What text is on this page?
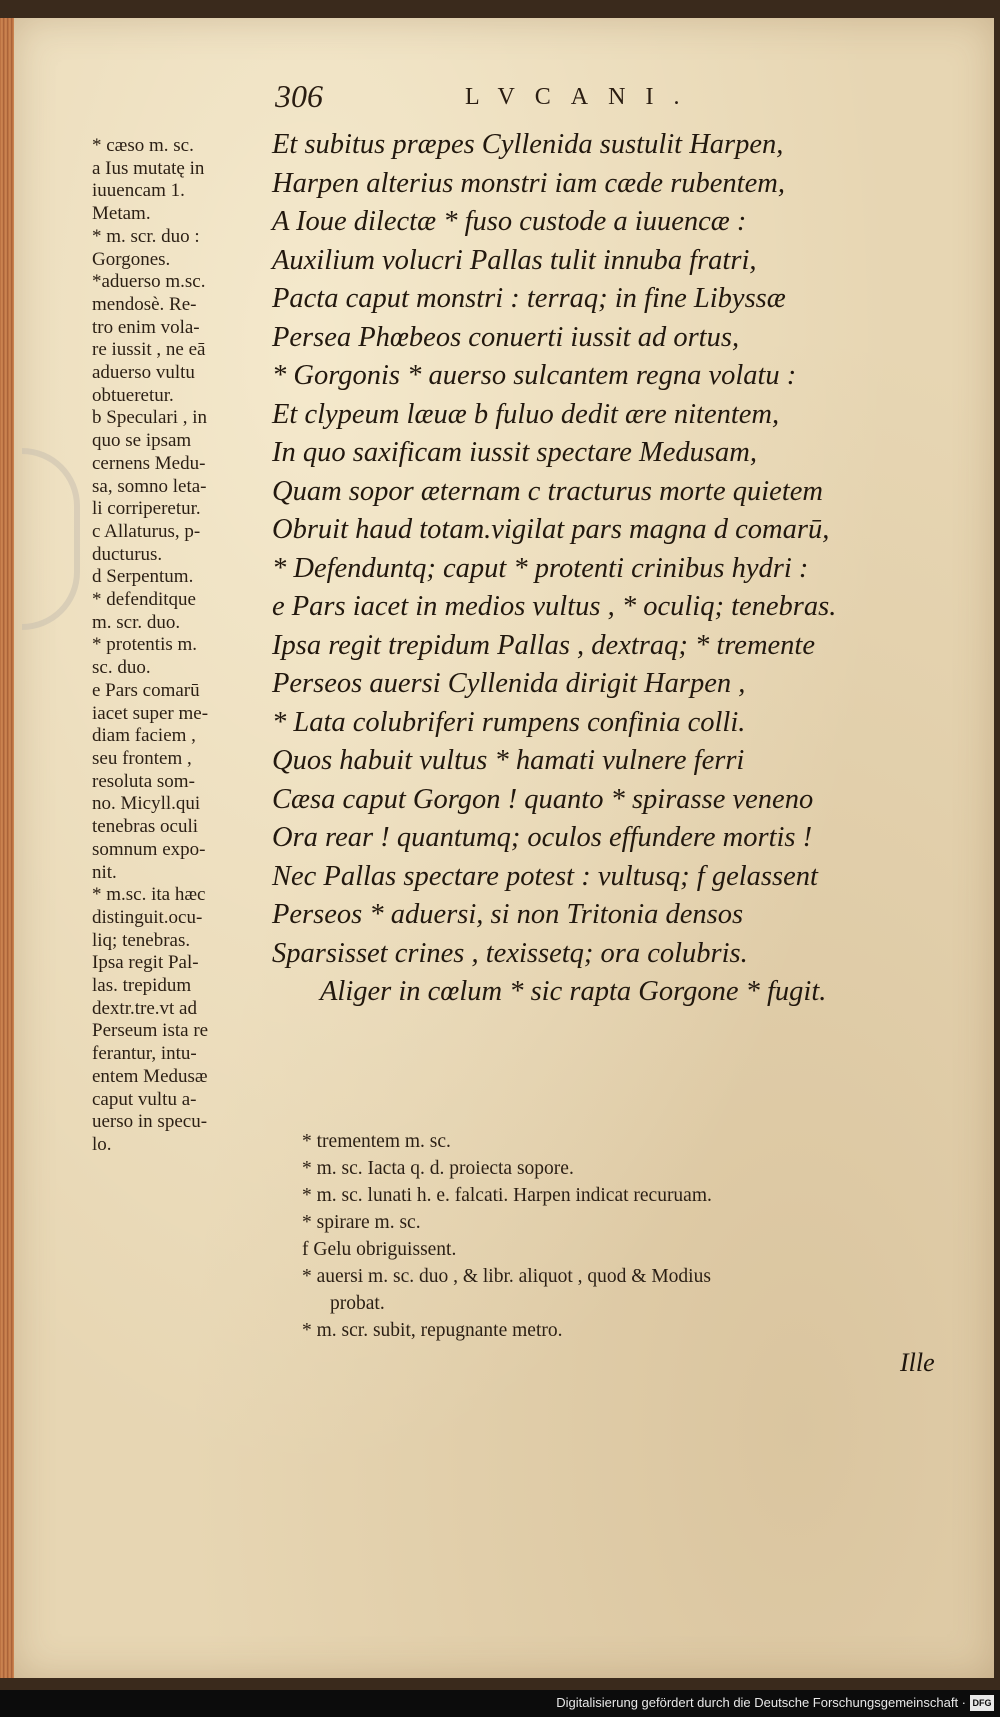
306	LVCANI.

* cæso m. sc.

a Ius mutatę in

iuuencam 1.

Metam.

* m. scr. duo :

Gorgones.

*aduerso m.sc.

mendosè. Re-

tro enim vola-

re iussit , ne eā

aduerso vultu

obtueretur.

b Speculari , in

quo se ipsam

cernens Medu-

sa, somno leta-

li corriperetur.

c Allaturus, p-

ducturus.

d Serpentum.

* defenditque

m. scr. duo.

* protentis m.

sc. duo.

e Pars comarū

iacet super me-

diam faciem ,

seu frontem ,

resoluta som-

no. Micyll.qui

tenebras oculi

somnum expo-

nit.

* m.sc. ita hæc

distinguit.ocu-

liq; tenebras.

Ipsa regit Pal-

las. trepidum

dextr.tre.vt ad

Perseum ista re

ferantur, intu-

entem Medusæ

caput vultu a-

uerso in specu-

lo.

Et subitus præpes Cyllenida sustulit Harpen,

Harpen alterius monstri iam cæde rubentem,

A Ioue dilectæ * fuso custode a iuuencæ :

Auxilium volucri Pallas tulit innuba fratri,

Pacta caput monstri : terraq; in fine Libyssæ

Persea Phœbeos conuerti iussit ad ortus,

* Gorgonis * auerso sulcantem regna volatu :

Et clypeum læuæ b fuluo dedit ære nitentem,

In quo saxificam iussit spectare Medusam,

Quam sopor æternam c tracturus morte quietem

Obruit haud totam.vigilat pars magna d comarū,

* Defenduntq; caput * protenti crinibus hydri :

e Pars iacet in medios vultus , * oculiq; tenebras.

Ipsa regit trepidum Pallas , dextraq; * tremente

Perseos auersi Cyllenida dirigit Harpen ,

* Lata colubriferi rumpens confinia colli.

Quos habuit vultus * hamati vulnere ferri

Cæsa caput Gorgon ! quanto * spirasse veneno

Ora rear ! quantumq; oculos effundere mortis !

Nec Pallas spectare potest : vultusq; f gelassent

Perseos * aduersi, si non Tritonia densos

Sparsisset crines , texissetq; ora colubris.

Aliger in cœlum * sic rapta Gorgone * fugit.

* trementem m. sc.

* m. sc. Iacta q. d. proiecta sopore.

* m. sc. lunati h. e. falcati. Harpen indicat recuruam.

* spirare m. sc.

f Gelu obriguissent.

* auersi m. sc. duo , & libr. aliquot , quod & Modius

probat.

* m. scr. subit, repugnante metro.

Ille
Digitalisierung gefördert durch die Deutsche Forschungsgemeinschaft · DFG
